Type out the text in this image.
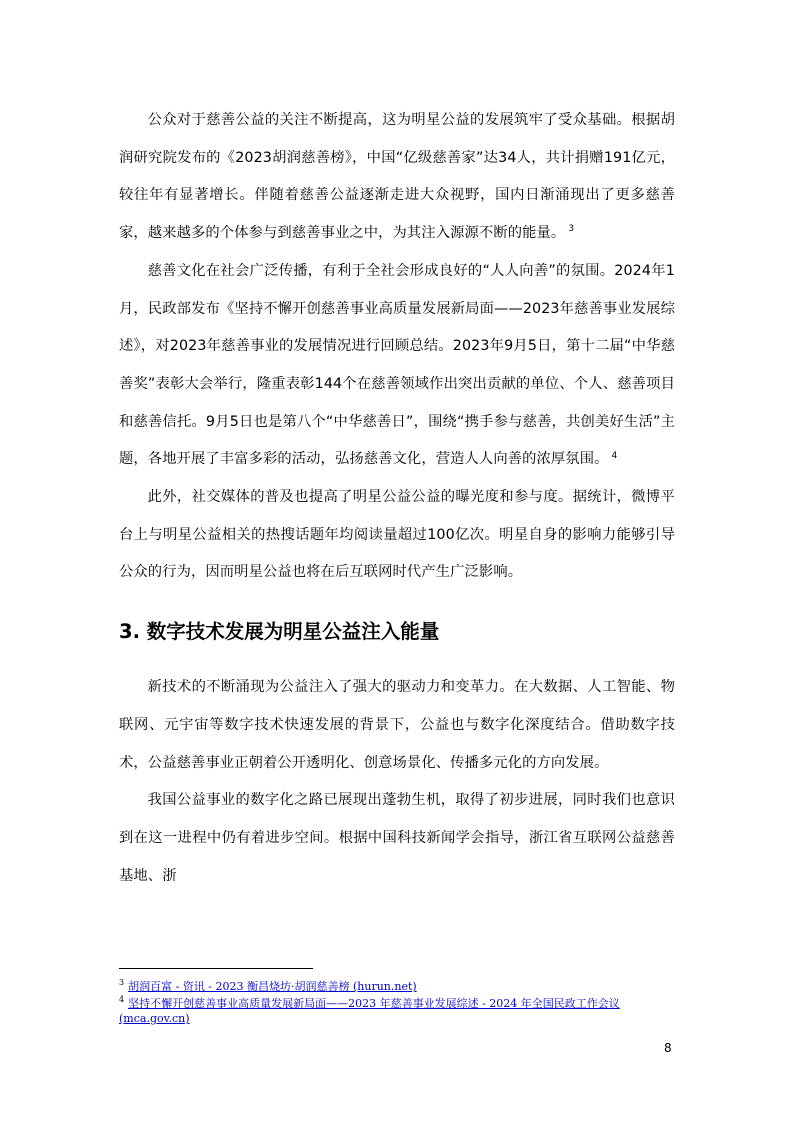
公众对于慈善公益的关注不断提高，这为明星公益的发展筑牢了受众基础。根据胡润研究院发布的《2023胡润慈善榜》，中国“亿级慈善家”达34人，共计捐赠191亿元，较往年有显著增长。伴随着慈善公益逐渐走进大众视野，国内日渐涌现出了更多慈善家，越来越多的个体参与到慈善事业之中，为其注入源源不断的能量。 $^3$

慈善文化在社会广泛传播，有利于全社会形成良好的“人人向善”的氛围。2024年1月，民政部发布《坚持不懈开创慈善事业高质量发展新局面——2023年慈善事业发展综述》，对2023年慈善事业的发展情况进行回顾总结。2023年9月5日，第十二届“中华慈善奖”表彰大会举行，隆重表彰144个在慈善领域作出突出贡献的单位、个人、慈善项目和慈善信托。9月5日也是第八个“中华慈善日”，围绕“携手参与慈善，共创美好生活”主题，各地开展了丰富多彩的活动，弘扬慈善文化，营造人人向善的浓厚氛围。 $^4$

此外，社交媒体的普及也提高了明星公益公益的曝光度和参与度。据统计，微博平台上与明星公益相关的热搜话题年均阅读量超过100亿次。明星自身的影响力能够引导公众的行为，因而明星公益也将在后互联网时代产生广泛影响。

3. 数字技术发展为明星公益注入能量

新技术的不断涌现为公益注入了强大的驱动力和变革力。在大数据、人工智能、物联网、元宇宙等数字技术快速发展的背景下，公益也与数字化深度结合。借助数字技术，公益慈善事业正朝着公开透明化、创意场景化、传播多元化的方向发展。

我国公益事业的数字化之路已展现出蓬勃生机，取得了初步进展，同时我们也意识到在这一进程中仍有着进步空间。根据中国科技新闻学会指导，浙江省互联网公益慈善基地、浙

$^3$ 胡润百富 - 资讯 - 2023 衡昌烧坊·胡润慈善榜 (hurun.net)

$^4$ 坚持不懈开创慈善事业高质量发展新局面——2023 年慈善事业发展综述 - 2024 年全国民政工作会议 (mca.gov.cn)

8
